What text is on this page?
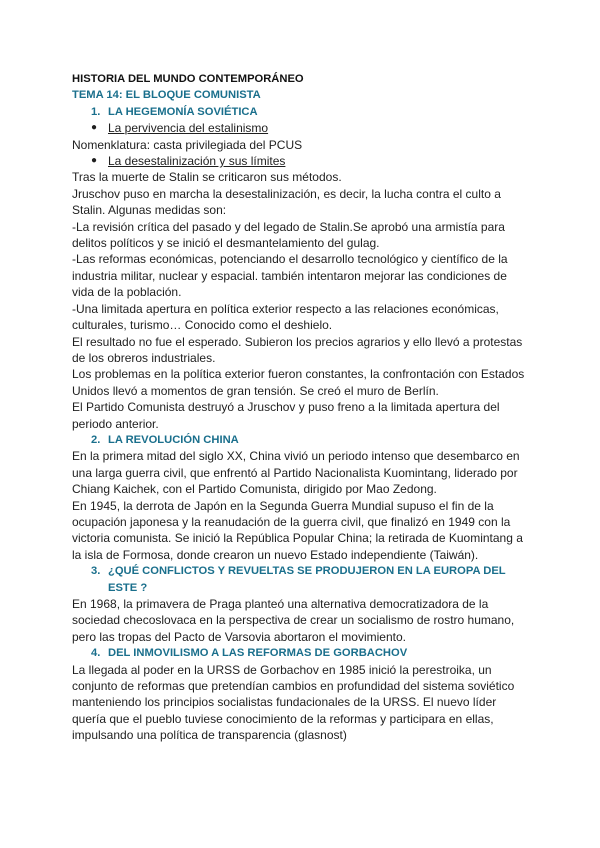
HISTORIA DEL MUNDO CONTEMPORÁNEO
TEMA 14: EL BLOQUE COMUNISTA
1. LA HEGEMONÍA SOVIÉTICA
● La pervivencia del estalinismo

Nomenklatura: casta privilegiada del PCUS

● La desestalinización y sus límites

Tras la muerte de Stalin se criticaron sus métodos.

Jruschov puso en marcha la desestalinización, es decir, la lucha contra el culto a Stalin. Algunas medidas son:

-La revisión crítica del pasado y del legado de Stalin.Se aprobó una armistía para delitos políticos y se inició el desmantelamiento del gulag.

-Las reformas económicas, potenciando el desarrollo tecnológico y científico de la industria militar, nuclear y espacial. también intentaron mejorar las condiciones de vida de la población.

-Una limitada apertura en política exterior respecto a las relaciones económicas, culturales, turismo… Conocido como el deshielo.

El resultado no fue el esperado. Subieron los precios agrarios y ello llevó a protestas de los obreros industriales.

Los problemas en la política exterior fueron constantes, la confrontación con Estados Unidos llevó a momentos de gran tensión. Se creó el muro de Berlín.

El Partido Comunista destruyó a Jruschov y puso freno a la limitada apertura del periodo anterior.

2. LA REVOLUCIÓN CHINA

En la primera mitad del siglo XX, China vivió un periodo intenso que desembarco en una larga guerra civil, que enfrentó al Partido Nacionalista Kuomintang, liderado por Chiang Kaichek, con el Partido Comunista, dirigido por Mao Zedong.

En 1945, la derrota de Japón en la Segunda Guerra Mundial supuso el fin de la ocupación japonesa y la reanudación de la guerra civil, que finalizó en 1949 con la victoria comunista. Se inició la República Popular China; la retirada de Kuomintang a la isla de Formosa, donde crearon un nuevo Estado independiente (Taiwán).

3. ¿QUÉ CONFLICTOS Y REVUELTAS SE PRODUJERON EN LA EUROPA DEL ESTE ?

En 1968, la primavera de Praga planteó una alternativa democratizadora de la sociedad checoslovaca en la perspectiva de crear un socialismo de rostro humano, pero las tropas del Pacto de Varsovia abortaron el movimiento.

4. DEL INMOVILISMO A LAS REFORMAS DE GORBACHOV

La llegada al poder en la URSS de Gorbachov en 1985 inició la perestroika, un conjunto de reformas que pretendían cambios en profundidad del sistema soviético manteniendo los principios socialistas fundacionales de la URSS. El nuevo líder quería que el pueblo tuviese conocimiento de la reformas y participara en ellas, impulsando una política de transparencia (glasnost)
